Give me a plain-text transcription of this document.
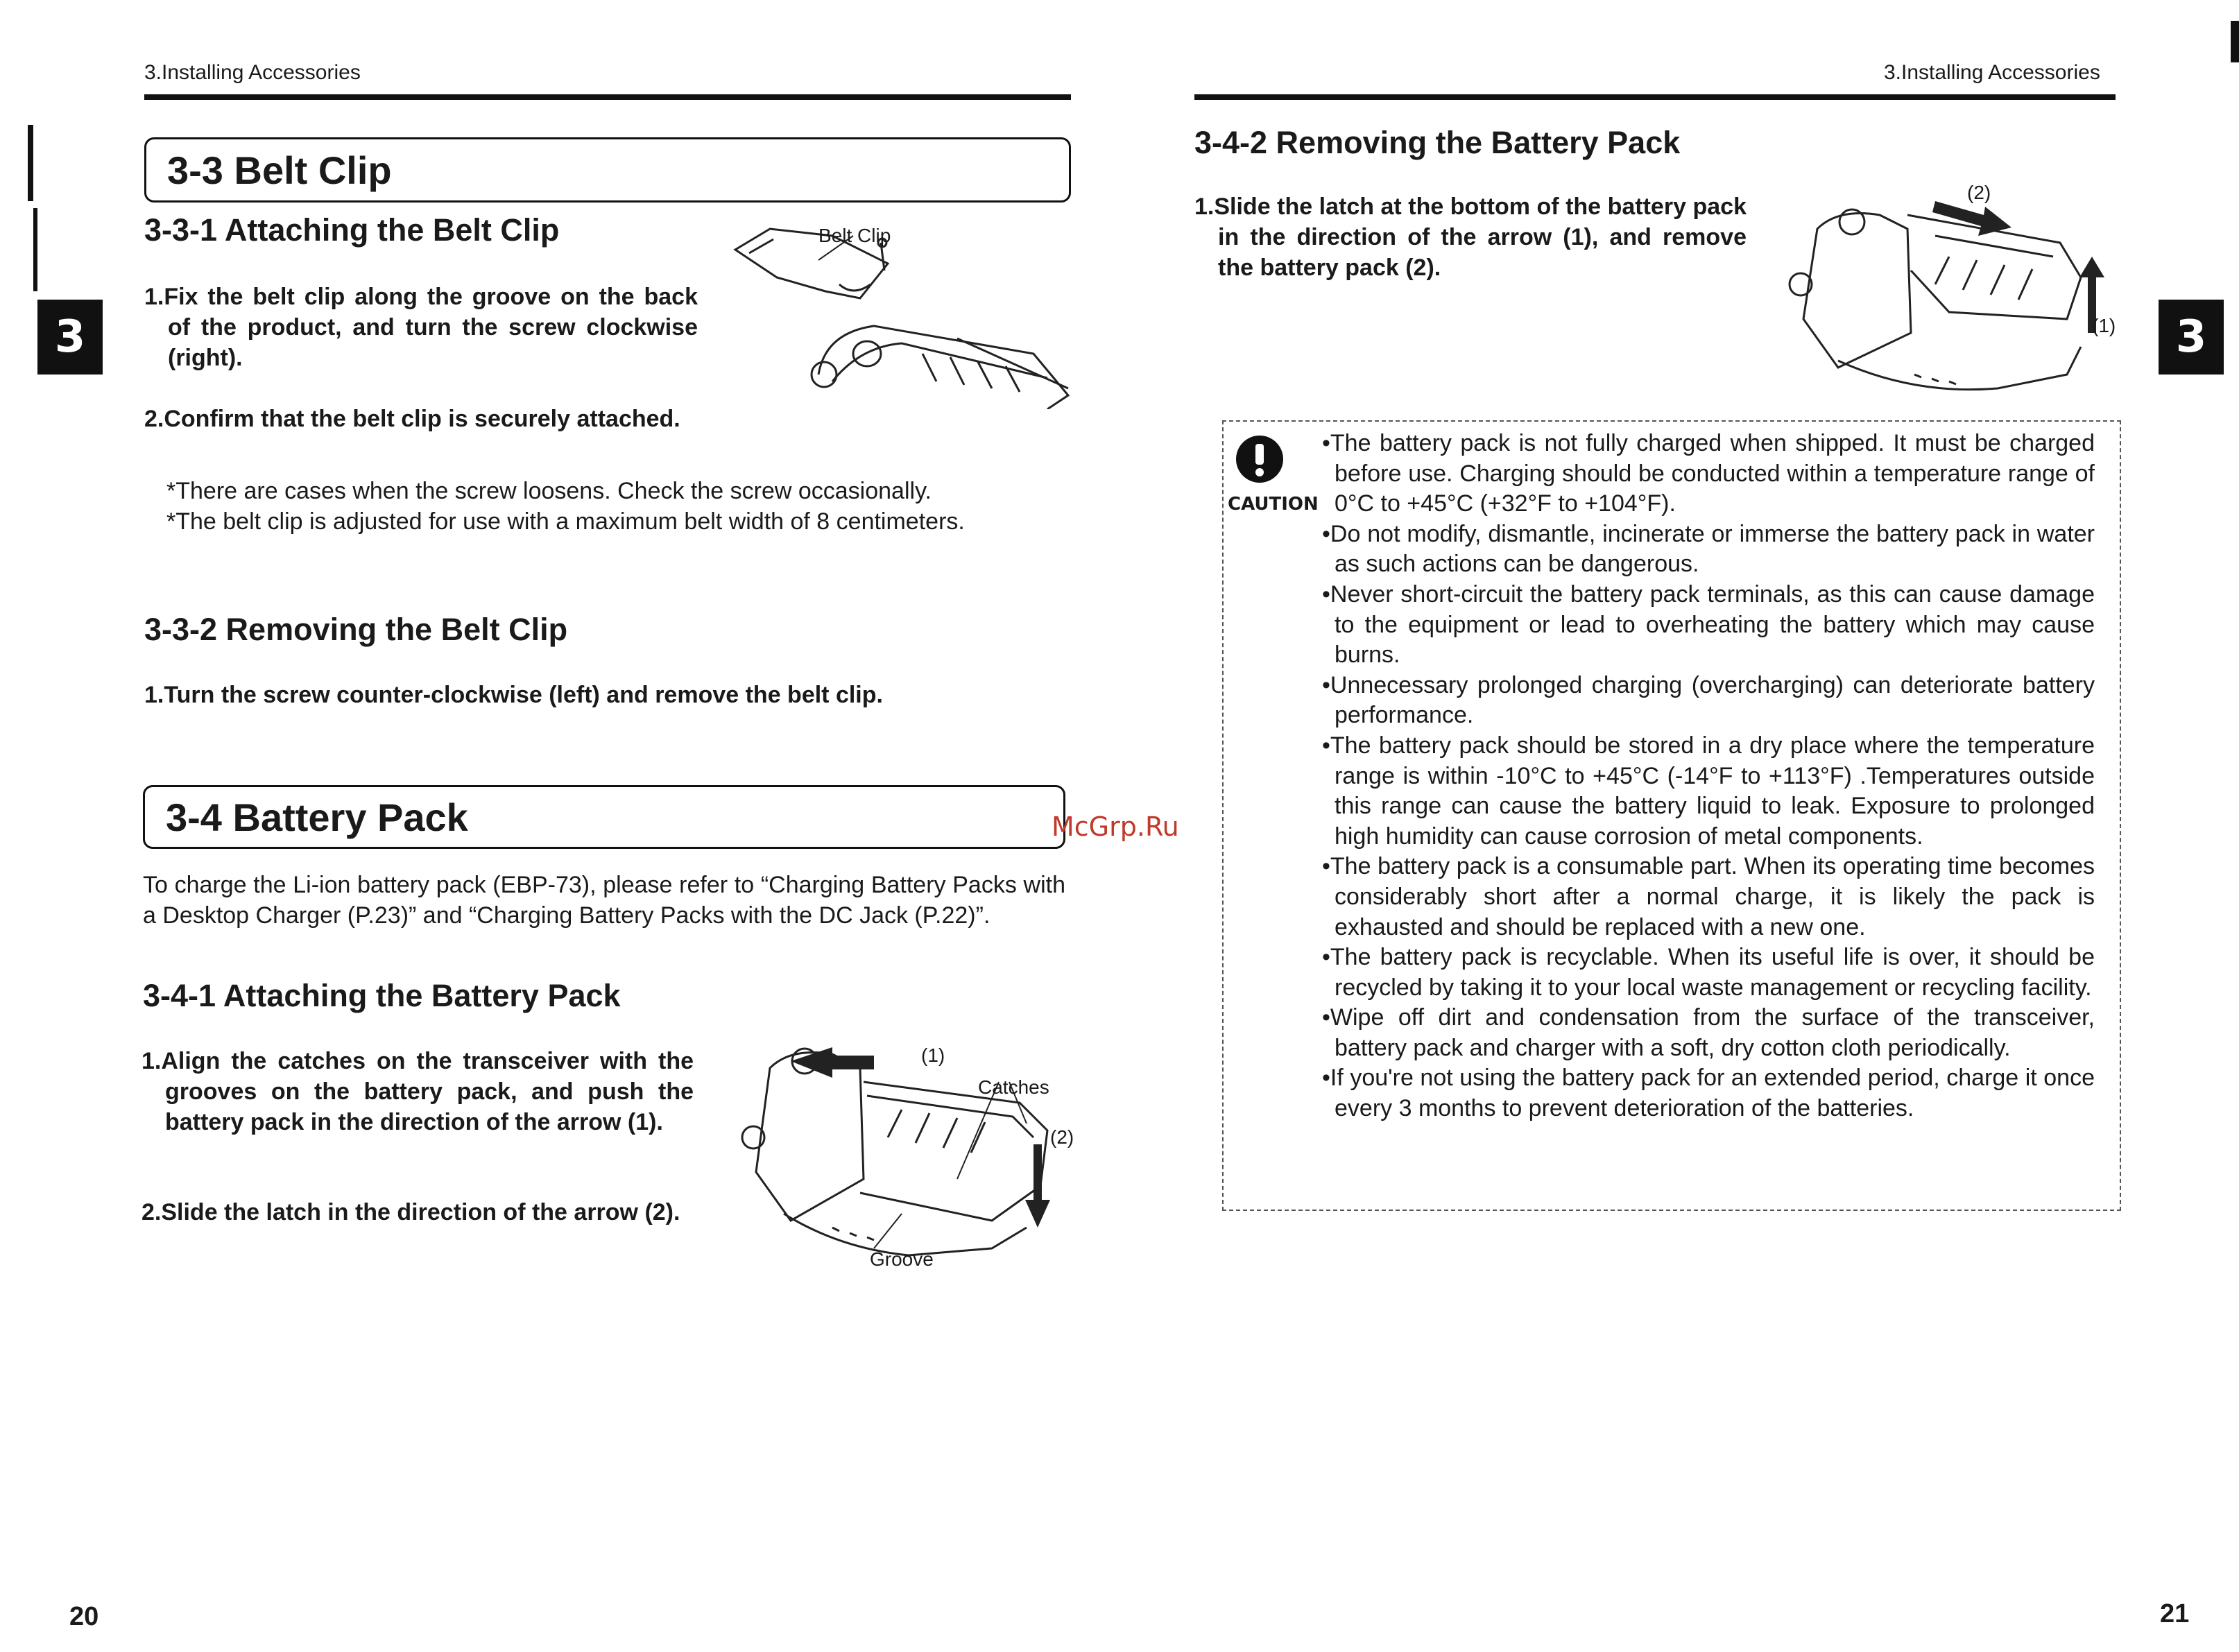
3.Installing Accessories	3.Installing Accessories
3	3
3-3 Belt Clip
3-3-1 Attaching the Belt Clip
1.Fix the belt clip along the groove on the back of the product, and turn the screw clockwise (right).
2.Confirm that the belt clip is securely attached.
*There are cases when the screw loosens. Check the screw occasionally.
*The belt clip is adjusted for use with a maximum belt width of 8 centimeters.
Belt Clip
3-3-2 Removing the Belt Clip
1.Turn the screw counter-clockwise (left) and remove the belt clip.
3-4 Battery Pack	McGrp.Ru
To charge the Li-ion battery pack (EBP-73), please refer to “Charging Battery Packs with a Desktop Charger (P.23)” and “Charging Battery Packs with the DC Jack (P.22)”.
3-4-1 Attaching the Battery Pack
1.Align the catches on the transceiver with the grooves on the battery pack, and push the battery pack in the direction of the arrow (1).
2.Slide the latch in the direction of the arrow (2).
(1)
Catches
(2)
Groove
20
3-4-2 Removing the Battery Pack
1.Slide the latch at the bottom of the battery pack in the direction of the arrow (1), and remove the battery pack (2).
(2)
(1)
CAUTION
•The battery pack is not fully charged when shipped. It must be charged before use. Charging should be conducted within a temperature range of 0°C to +45°C (+32°F to +104°F).
•Do not modify, dismantle, incinerate or immerse the battery pack in water as such actions can be dangerous.
•Never short-circuit the battery pack terminals, as this can cause damage to the equipment or lead to overheating the battery which may cause burns.
•Unnecessary prolonged charging (overcharging) can deteriorate battery performance.
•The battery pack should be stored in a dry place where the temperature range is within -10°C to +45°C (-14°F to +113°F) .Temperatures outside this range can cause the battery liquid to leak. Exposure to prolonged high humidity can cause corrosion of metal components.
•The battery pack is a consumable part. When its operating time becomes considerably short after a normal charge, it is likely the pack is exhausted and should be replaced with a new one.
•The battery pack is recyclable. When its useful life is over, it should be recycled by taking it to your local waste management or recycling facility.
•Wipe off dirt and condensation from the surface of the transceiver, battery pack and charger with a soft, dry cotton cloth periodically.
•If you're not using the battery pack for an extended period, charge it once every 3 months to prevent deterioration of the batteries.
21
